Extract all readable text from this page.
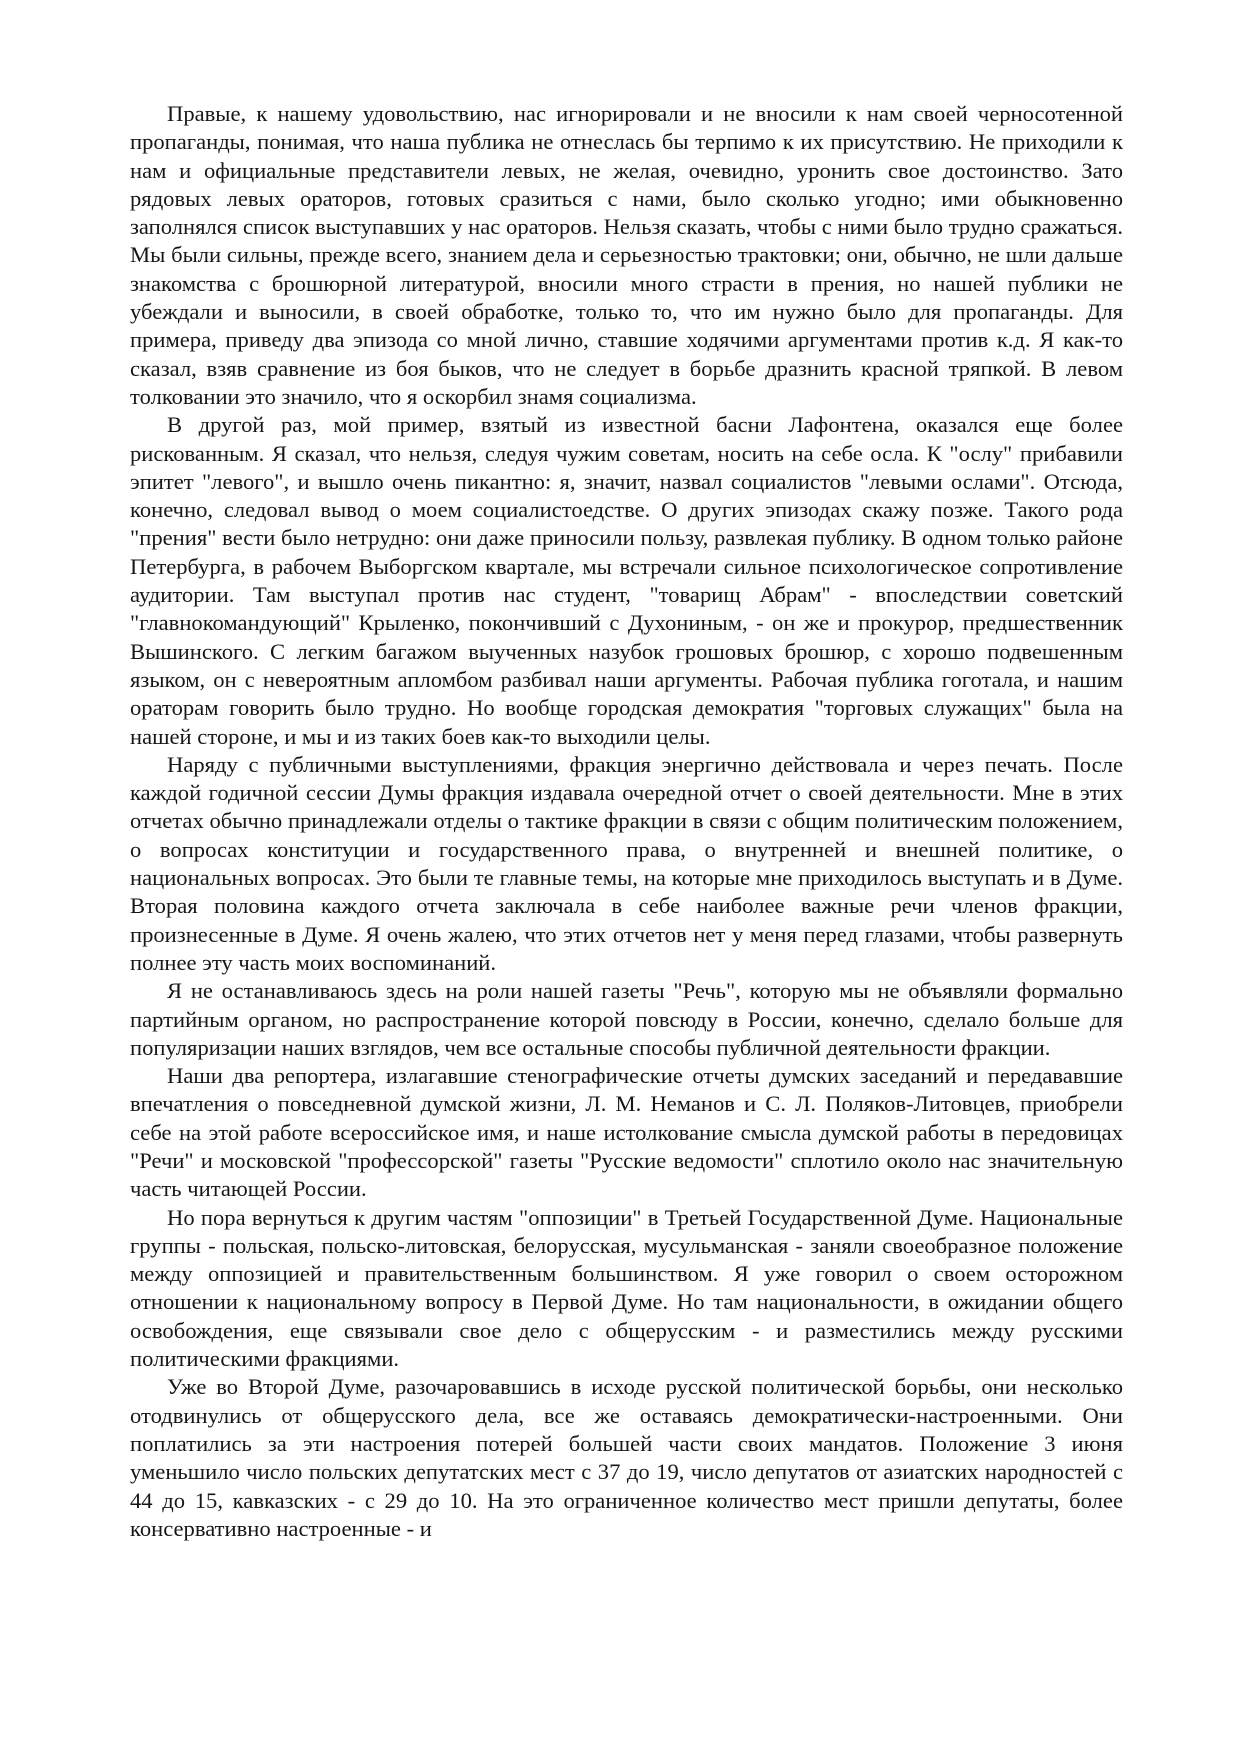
Правые, к нашему удовольствию, нас игнорировали и не вносили к нам своей черносотенной пропаганды, понимая, что наша публика не отнеслась бы терпимо к их присутствию. Не приходили к нам и официальные представители левых, не желая, очевидно, уронить свое достоинство. Зато рядовых левых ораторов, готовых сразиться с нами, было сколько угодно; ими обыкновенно заполнялся список выступавших у нас ораторов. Нельзя сказать, чтобы с ними было трудно сражаться. Мы были сильны, прежде всего, знанием дела и серьезностью трактовки; они, обычно, не шли дальше знакомства с брошюрной литературой, вносили много страсти в прения, но нашей публики не убеждали и выносили, в своей обработке, только то, что им нужно было для пропаганды. Для примера, приведу два эпизода со мной лично, ставшие ходячими аргументами против к.д. Я как-то сказал, взяв сравнение из боя быков, что не следует в борьбе дразнить красной тряпкой. В левом толковании это значило, что я оскорбил знамя социализма.

В другой раз, мой пример, взятый из известной басни Лафонтена, оказался еще более рискованным. Я сказал, что нельзя, следуя чужим советам, носить на себе осла. К "ослу" прибавили эпитет "левого", и вышло очень пикантно: я, значит, назвал социалистов "левыми ослами". Отсюда, конечно, следовал вывод о моем социалистоедстве. О других эпизодах скажу позже. Такого рода "прения" вести было нетрудно: они даже приносили пользу, развлекая публику. В одном только районе Петербурга, в рабочем Выборгском квартале, мы встречали сильное психологическое сопротивление аудитории. Там выступал против нас студент, "товарищ Абрам" - впоследствии советский "главнокомандующий" Крыленко, покончивший с Духониным, - он же и прокурор, предшественник Вышинского. С легким багажом выученных назубок грошовых брошюр, с хорошо подвешенным языком, он с невероятным апломбом разбивал наши аргументы. Рабочая публика гоготала, и нашим ораторам говорить было трудно. Но вообще городская демократия "торговых служащих" была на нашей стороне, и мы и из таких боев как-то выходили целы.

Наряду с публичными выступлениями, фракция энергично действовала и через печать. После каждой годичной сессии Думы фракция издавала очередной отчет о своей деятельности. Мне в этих отчетах обычно принадлежали отделы о тактике фракции в связи с общим политическим положением, о вопросах конституции и государственного права, о внутренней и внешней политике, о национальных вопросах. Это были те главные темы, на которые мне приходилось выступать и в Думе. Вторая половина каждого отчета заключала в себе наиболее важные речи членов фракции, произнесенные в Думе. Я очень жалею, что этих отчетов нет у меня перед глазами, чтобы развернуть полнее эту часть моих воспоминаний.

Я не останавливаюсь здесь на роли нашей газеты "Речь", которую мы не объявляли формально партийным органом, но распространение которой повсюду в России, конечно, сделало больше для популяризации наших взглядов, чем все остальные способы публичной деятельности фракции.

Наши два репортера, излагавшие стенографические отчеты думских заседаний и передававшие впечатления о повседневной думской жизни, Л. М. Неманов и С. Л. Поляков-Литовцев, приобрели себе на этой работе всероссийское имя, и наше истолкование смысла думской работы в передовицах "Речи" и московской "профессорской" газеты "Русские ведомости" сплотило около нас значительную часть читающей России.

Но пора вернуться к другим частям "оппозиции" в Третьей Государственной Думе. Национальные группы - польская, польско-литовская, белорусская, мусульманская - заняли своеобразное положение между оппозицией и правительственным большинством. Я уже говорил о своем осторожном отношении к национальному вопросу в Первой Думе. Но там национальности, в ожидании общего освобождения, еще связывали свое дело с общерусским - и разместились между русскими политическими фракциями.

Уже во Второй Думе, разочаровавшись в исходе русской политической борьбы, они несколько отодвинулись от общерусского дела, все же оставаясь демократически-настроенными. Они поплатились за эти настроения потерей большей части своих мандатов. Положение 3 июня уменьшило число польских депутатских мест с 37 до 19, число депутатов от азиатских народностей с 44 до 15, кавказских - с 29 до 10. На это ограниченное количество мест пришли депутаты, более консервативно настроенные - и
